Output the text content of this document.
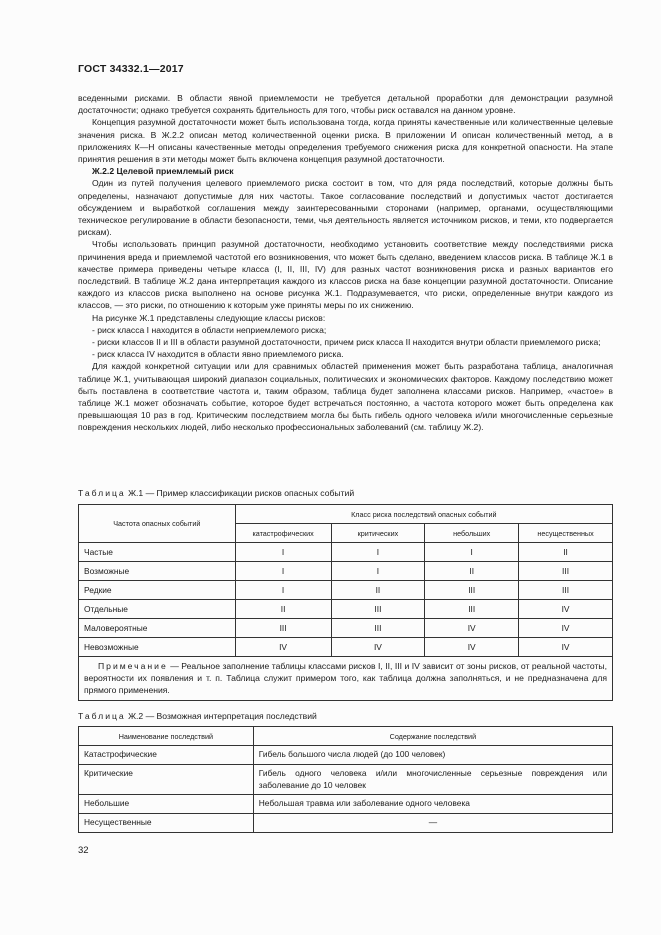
ГОСТ 34332.1—2017

вседенными рисками. В области явной приемлемости не требуется детальной проработки для демонстрации разумной достаточности; однако требуется сохранять бдительность для того, чтобы риск оставался на данном уровне.

Концепция разумной достаточности может быть использована тогда, когда приняты качественные или количественные целевые значения риска. В Ж.2.2 описан метод количественной оценки риска. В приложении И описан количественный метод, а в приложениях К—Н описаны качественные методы определения требуемого снижения риска для конкретной опасности. На этапе принятия решения в эти методы может быть включена концепция разумной достаточности.

Ж.2.2 Целевой приемлемый риск

Один из путей получения целевого приемлемого риска состоит в том, что для ряда последствий, которые должны быть определены, назначают допустимые для них частоты. Такое согласование последствий и допустимых частот достигается обсуждением и выработкой соглашения между заинтересованными сторонами (например, органами, осуществляющими техническое регулирование в области безопасности, теми, чья деятельность является источником рисков, и теми, кто подвергается рискам).

Чтобы использовать принцип разумной достаточности, необходимо установить соответствие между последствиями риска причинения вреда и приемлемой частотой его возникновения, что может быть сделано, введением классов риска. В таблице Ж.1 в качестве примера приведены четыре класса (I, II, III, IV) для разных частот возникновения риска и разных вариантов его последствий. В таблице Ж.2 дана интерпретация каждого из классов риска на базе концепции разумной достаточности. Описание каждого из классов риска выполнено на основе рисунка Ж.1. Подразумевается, что риски, определенные внутри каждого из классов, — это риски, по отношению к которым уже приняты меры по их снижению.

На рисунке Ж.1 представлены следующие классы рисков:

- риск класса I находится в области неприемлемого риска;

- риски классов II и III в области разумной достаточности, причем риск класса II находится внутри области приемлемого риска;

- риск класса IV находится в области явно приемлемого риска.

Для каждой конкретной ситуации или для сравнимых областей применения может быть разработана таблица, аналогичная таблице Ж.1, учитывающая широкий диапазон социальных, политических и экономических факторов. Каждому последствию может быть поставлена в соответствие частота и, таким образом, таблица будет заполнена классами рисков. Например, «частое» в таблице Ж.1 может обозначать событие, которое будет встречаться постоянно, а частота которого может быть определена как превышающая 10 раз в год. Критическим последствием могла бы быть гибель одного человека и/или многочисленные серьезные повреждения нескольких людей, либо несколько профессиональных заболеваний (см. таблицу Ж.2).

Таблица Ж.1 — Пример классификации рисков опасных событий
Частота опасных событий	Класс риска последствий опасных событий			
	катастрофических	критических	небольших	несущественных
Частые	I	I	I	II
Возможные	I	I	II	III
Редкие	I	II	III	III
Отдельные	II	III	III	IV
Маловероятные	III	III	IV	IV
Невозможные	IV	IV	IV	IV
Примечание — Реальное заполнение таблицы классами рисков I, II, III и IV зависит от зоны рисков, от реальной частоты, вероятности их появления и т. п. Таблица служит примером того, как таблица должна заполняться, и не предназначена для прямого применения.				
Таблица Ж.2 — Возможная интерпретация последствий
Наименование последствий	Содержание последствий
Катастрофические	Гибель большого числа людей (до 100 человек)
Критические	Гибель одного человека и/или многочисленные серьезные повреждения или заболевание до 10 человек
Небольшие	Небольшая травма или заболевание одного человека
Несущественные	—
32
